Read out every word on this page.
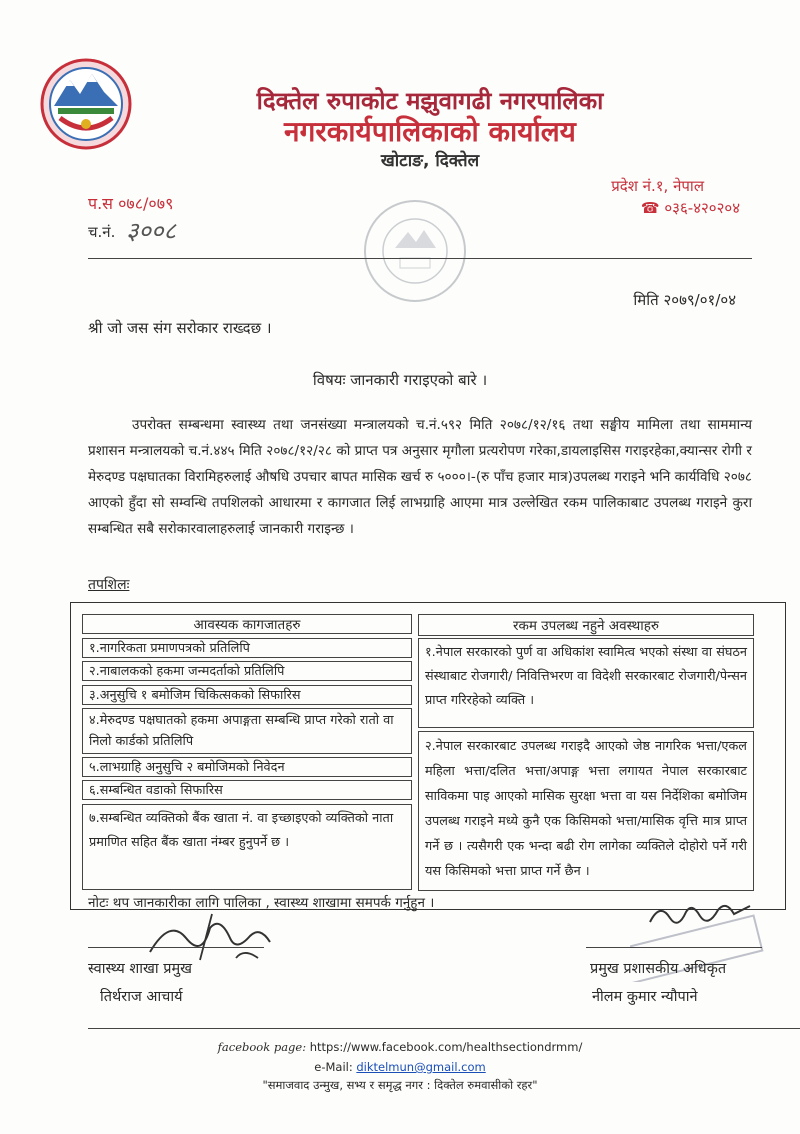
दिक्तेल रुपाकोट मझुवागढी नगरपालिका
नगरकार्यपालिकाको कार्यालय
खोटाङ, दिक्तेल
प.स ०७८/०७९
च.नं. ३००८
प्रदेश नं.१, नेपाल
☎ ०३६-४२०२०४
मिति २०७९/०१/०४
श्री जो जस संग सरोकार राख्दछ ।
विषयः जानकारी गराइएको बारे ।
उपरोक्त सम्बन्धमा स्वास्थ्य तथा जनसंख्या मन्त्रालयको च.नं.५९२ मिति २०७८/१२/१६ तथा सङ्घीय मामिला तथा साममान्य प्रशासन मन्त्रालयको च.नं.४४५ मिति २०७८/१२/२८ को प्राप्त पत्र अनुसार मृगौला प्रत्यरोपण गरेका,डायलाइसिस गराइरहेका,क्यान्सर रोगी र मेरुदण्ड पक्षघातका विरामिहरुलाई औषधि उपचार बापत मासिक खर्च रु ५०००।-(रु पाँच हजार मात्र)उपलब्ध गराइने भनि कार्यविधि २०७८ आएको हुँदा सो सम्वन्धि तपशिलको आधारमा र कागजात लिई लाभग्राहि आएमा मात्र उल्लेखित रकम पालिकाबाट उपलब्ध गराइने कुरा सम्बन्धित सबै सरोकारवालाहरुलाई जानकारी गराइन्छ ।
तपशिलः
आवस्यक कागजातहरु	रकम उपलब्ध नहुने अवस्थाहरु
१.नागरिकता प्रमाणपत्रको प्रतिलिपि
२.नाबालकको हकमा जन्मदर्ताको प्रतिलिपि
३.अनुसुचि १ बमोजिम चिकित्सकको सिफारिस
४.मेरुदण्ड पक्षघातको हकमा अपाङ्गता सम्बन्धि प्राप्त गरेको रातो वा निलो कार्डको प्रतिलिपि
५.लाभग्राहि अनुसुचि २ बमोजिमको निवेदन
६.सम्बन्धित वडाको सिफारिस
७.सम्बन्धित व्यक्तिको बैंक खाता नं. वा इच्छाइएको व्यक्तिको नाता प्रमाणित सहित बैंक खाता नंम्बर हुनुपर्ने छ ।
१.नेपाल सरकारको पुर्ण वा अधिकांश स्वामित्व भएको संस्था वा संघठन संस्थाबाट रोजगारी/ निवित्तिभरण वा विदेशी सरकारबाट रोजगारी/पेन्सन प्राप्त गरिरहेको व्यक्ति ।
२.नेपाल सरकारबाट उपलब्ध गराइदै आएको जेष्ठ नागरिक भत्ता/एकल महिला भत्ता/दलित भत्ता/अपाङ्ग भत्ता लगायत नेपाल सरकारबाट साविकमा पाइ आएको मासिक सुरक्षा भत्ता वा यस निर्देशिका बमोजिम उपलब्ध गराइने मध्ये कुनै एक किसिमको भत्ता/मासिक वृत्ति मात्र प्राप्त गर्ने छ । त्यसैगरी एक भन्दा बढी रोग लागेका व्यक्तिले दोहोरो पर्ने गरी यस किसिमको भत्ता प्राप्त गर्ने छैन ।
नोटः थप जानकारीका लागि पालिका , स्वास्थ्य शाखामा समपर्क गर्नुहुन ।
स्वास्थ्य शाखा प्रमुख
तिर्थराज आचार्य
प्रमुख प्रशासकीय अधिकृत
नीलम कुमार न्यौपाने
facebook page: https://www.facebook.com/healthsectiondrmm/
e-Mail: diktelmun@gmail.com
"समाजवाद उन्मुख, सभ्य र समृद्ध नगर : दिक्तेल रुमवासीको रहर"
